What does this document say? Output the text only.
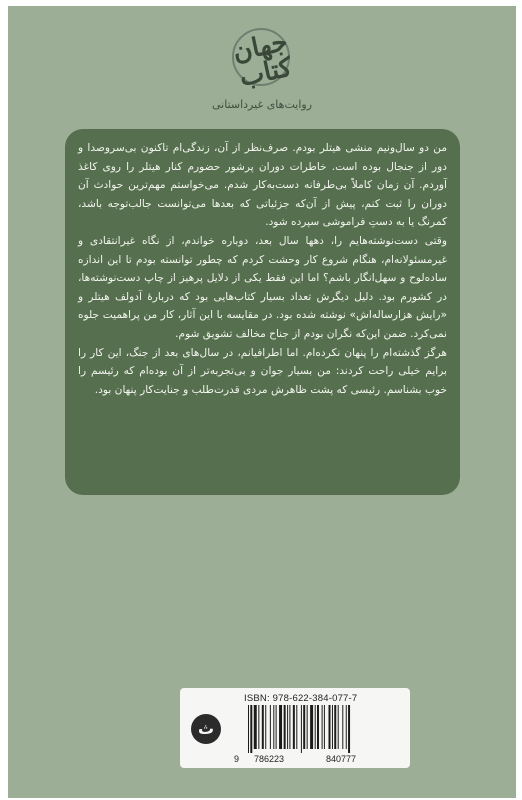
جهان کتاب
روایت‌های غیرداستانی

من دو سال‌ونیم منشی هیتلر بودم. صرف‌نظر از آن، زندگی‌ام تاکنون بی‌سروصدا و دور از جنجال بوده است. خاطرات دوران پرشور حضورم کنار هیتلر را روی کاغذ آوردم. آن زمان کاملاً بی‌طرفانه دست‌به‌کار شدم. می‌خواستم مهم‌ترین حوادث آن دوران را ثبت کنم، پیش از آن‌که جزئیاتی که بعدها می‌توانست جالب‌توجه باشد، کمرنگ یا به دستِ فراموشی سپرده شود.

وقتی دست‌نوشته‌هایم را، دهها سال بعد، دوباره خواندم، از نگاه غیرانتقادی و غیرمسئولانه‌ام، هنگام شروع کار وحشت کردم که چطور توانسته بودم تا این اندازه ساده‌لوح و سهل‌انگار باشم؟ اما این فقط یکی از دلایل پرهیز از چاپ دست‌نوشته‌ها، در کشورم بود. دلیل دیگرش تعداد بسیار کتاب‌هایی بود که دربارهٔ آدولف هیتلر و «رایش هزارساله‌اش» نوشته شده بود. در مقایسه با این آثار، کار من پراهمیت جلوه نمی‌کرد. ضمن این‌که نگران بودم از جناح مخالف تشویق شوم.

هرگز گذشته‌ام را پنهان نکرده‌ام. اما اطرافیانم، در سال‌های بعد از جنگ، این کار را برایم خیلی راحت کردند: من بسیار جوان و بی‌تجربه‌تر از آن بوده‌ام که رئیسم را خوب بشناسم. رئیسی که پشت ظاهرش مردی قدرت‌طلب و جنایت‌کار پنهان بود.

ث
ISBN: 978-622-384-077-7
9 786223	840777
